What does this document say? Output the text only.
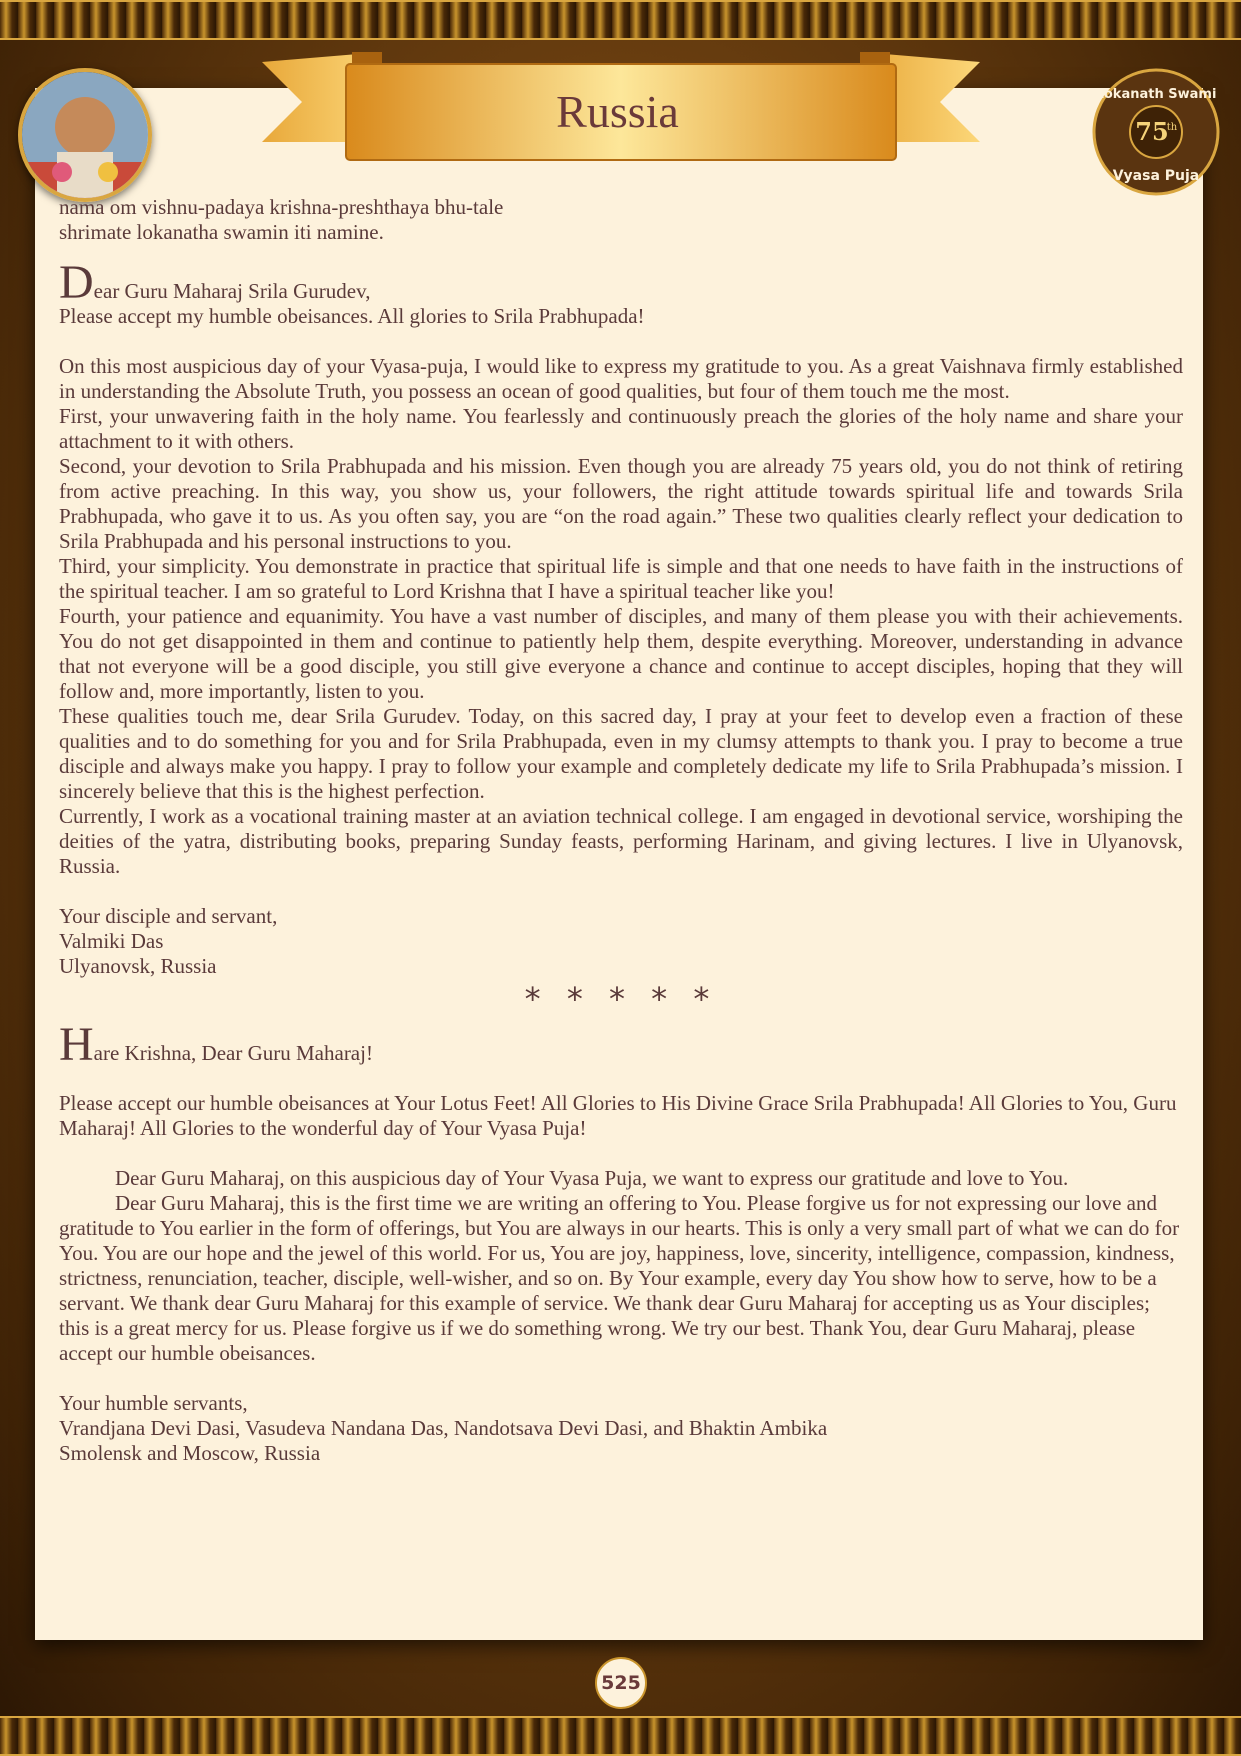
Russia	Lokanath Swami
75
th
Vyasa Puja

nama om vishnu-padaya krishna-preshthaya bhu-tale

shrimate lokanatha swamin iti namine.

Dear Guru Maharaj Srila Gurudev,

Please accept my humble obeisances. All glories to Srila Prabhupada!

On this most auspicious day of your Vyasa-puja, I would like to express my gratitude to you. As a great Vaishnava firmly established in understanding the Absolute Truth, you possess an ocean of good qualities, but four of them touch me the most.

First, your unwavering faith in the holy name. You fearlessly and continuously preach the glories of the holy name and share your attachment to it with others.

Second, your devotion to Srila Prabhupada and his mission. Even though you are already 75 years old, you do not think of retiring from active preaching. In this way, you show us, your followers, the right attitude towards spiritual life and towards Srila Prabhupada, who gave it to us. As you often say, you are “on the road again.” These two qualities clearly reflect your dedication to Srila Prabhupada and his personal instructions to you.

Third, your simplicity. You demonstrate in practice that spiritual life is simple and that one needs to have faith in the instructions of the spiritual teacher. I am so grateful to Lord Krishna that I have a spiritual teacher like you!

Fourth, your patience and equanimity. You have a vast number of disciples, and many of them please you with their achievements. You do not get disappointed in them and continue to patiently help them, despite everything. Moreover, understanding in advance that not everyone will be a good disciple, you still give everyone a chance and continue to accept disciples, hoping that they will follow and, more importantly, listen to you.

These qualities touch me, dear Srila Gurudev. Today, on this sacred day, I pray at your feet to develop even a fraction of these qualities and to do something for you and for Srila Prabhupada, even in my clumsy attempts to thank you. I pray to become a true disciple and always make you happy. I pray to follow your example and completely dedicate my life to Srila Prabhupada’s mission. I sincerely believe that this is the highest perfection.

Currently, I work as a vocational training master at an aviation technical college. I am engaged in devotional service, worshiping the deities of the yatra, distributing books, preparing Sunday feasts, performing Harinam, and giving lectures. I live in Ulyanovsk, Russia.

Your disciple and servant,

Valmiki Das

Ulyanovsk, Russia

* * * * *

Hare Krishna, Dear Guru Maharaj!

Please accept our humble obeisances at Your Lotus Feet! All Glories to His Divine Grace Srila Prabhupada! All Glories to You, Guru Maharaj! All Glories to the wonderful day of Your Vyasa Puja!

Dear Guru Maharaj, on this auspicious day of Your Vyasa Puja, we want to express our gratitude and love to You.

Dear Guru Maharaj, this is the first time we are writing an offering to You. Please forgive us for not expressing our love and gratitude to You earlier in the form of offerings, but You are always in our hearts. This is only a very small part of what we can do for You. You are our hope and the jewel of this world. For us, You are joy, happiness, love, sincerity, intelligence, compassion, kindness, strictness, renunciation, teacher, disciple, well-wisher, and so on. By Your example, every day You show how to serve, how to be a servant. We thank dear Guru Maharaj for this example of service. We thank dear Guru Maharaj for accepting us as Your disciples; this is a great mercy for us. Please forgive us if we do something wrong. We try our best. Thank You, dear Guru Maharaj, please accept our humble obeisances.

Your humble servants,

Vrandjana Devi Dasi, Vasudeva Nandana Das, Nandotsava Devi Dasi, and Bhaktin Ambika

Smolensk and Moscow, Russia

525
